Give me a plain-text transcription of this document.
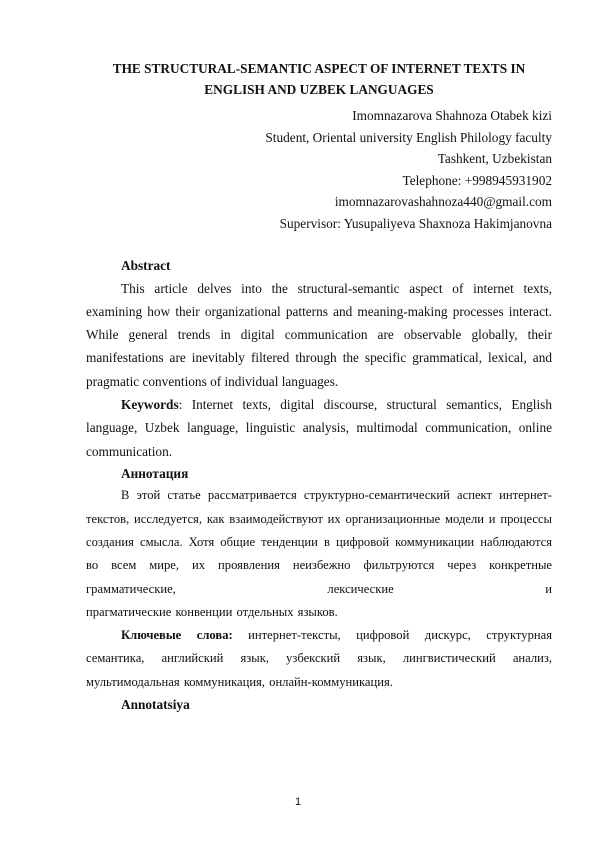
THE STRUCTURAL-SEMANTIC ASPECT OF INTERNET TEXTS IN ENGLISH AND UZBEK LANGUAGES
Imomnazarova Shahnoza Otabek kizi
Student, Oriental university English Philology faculty
Tashkent, Uzbekistan
Telephone: +998945931902
imomnazarovashahnoza440@gmail.com
Supervisor: Yusupaliyeva Shaxnoza Hakimjanovna
Abstract

This article delves into the structural-semantic aspect of internet texts, examining how their organizational patterns and meaning-making processes interact. While general trends in digital communication are observable globally, their manifestations are inevitably filtered through the specific grammatical, lexical, and pragmatic conventions of individual languages.

Keywords: Internet texts, digital discourse, structural semantics, English language, Uzbek language, linguistic analysis, multimodal communication, online communication.

Аннотация

В этой статье рассматривается структурно-семантический аспект интернет-текстов, исследуется, как взаимодействуют их организационные модели и процессы создания смысла. Хотя общие тенденции в цифровой коммуникации наблюдаются во всем мире, их проявления неизбежно фильтруются через конкретные грамматические, лексические и

прагматические конвенции отдельных языков.

Ключевые слова: интернет-тексты, цифровой дискурс, структурная семантика, английский язык, узбекский язык, лингвистический анализ, мультимодальная коммуникация, онлайн-коммуникация.

Annotatsiya
1
